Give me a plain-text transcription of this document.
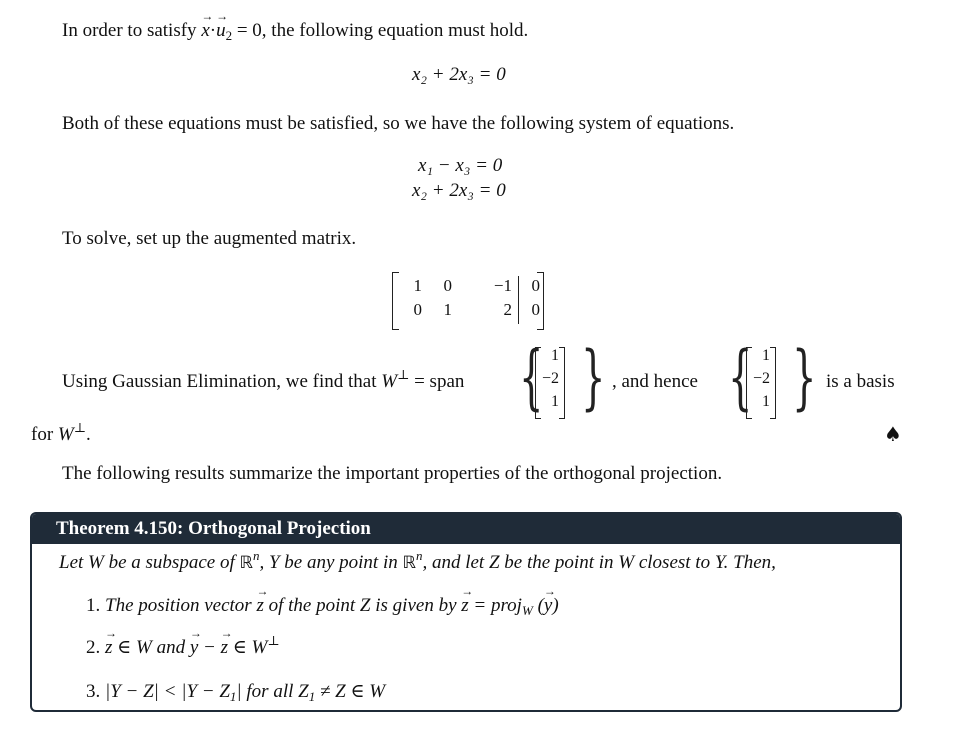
In order to satisfy → $x\cdot\to u_2 = 0$, the following equation must hold.
x₂ + 2x₃ = 0
Both of these equations must be satisfied, so we have the following system of equations.
x₁ − x₃ = 0
x₂ + 2x₃ = 0
To solve, set up the augmented matrix.
1	0	−1	0
0	1	2	0
Using Gaussian Elimination, we find that W⊥ = span { 1
−2
1 } , and hence { 1
−2
1 } is a basis
for W⊥.	♠
The following results summarize the important properties of the orthogonal projection.
Theorem 4.150: Orthogonal Projection
Let W be a subspace of ℝ$^n$, Y be any point in ℝ$^n$, and let Z be the point in W closest to Y. Then,
1. The position vector → z of the point Z is given by → z = proj$_W$ (→ y)
2. → z ∈ W and → y − → z ∈ W⊥
3. $|Y - Z| < |Y - Z_1|$ for all $Z_1 \ne Z$ ∈ W
